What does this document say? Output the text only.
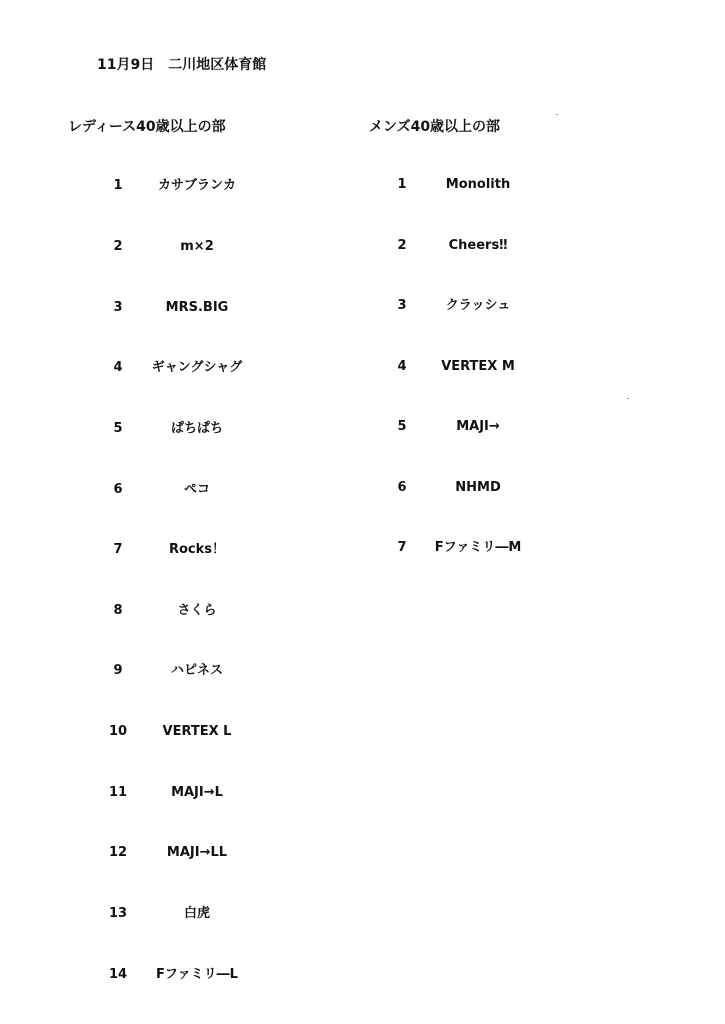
11月9日　二川地区体育館
レディース40歳以上の部	メンズ40歳以上の部
1	カサブランカ
2	m×2
3	MRS.BIG
4	ギャングシャグ
5	ぱちぱち
6	ペコ
7	Rocks！
8	さくら
9	ハピネス
10	VERTEX L
11	MAJI→L
12	MAJI→LL
13	白虎
14	Fファミリ―L
1	Monolith
2	Cheers‼
3	クラッシュ
4	VERTEX M
5	MAJI→
6	NHMD
7	Fファミリ―M
